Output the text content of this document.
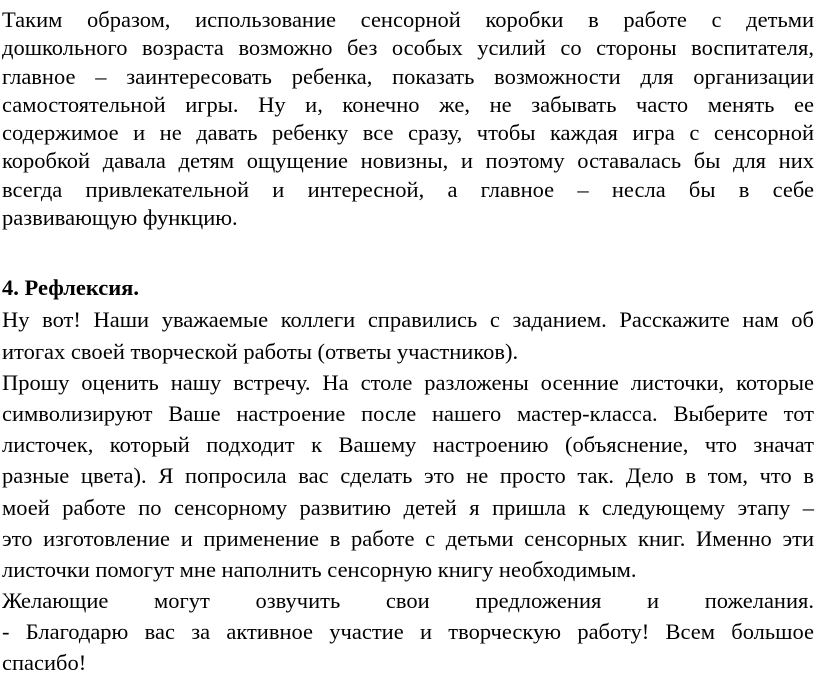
Таким образом, использование сенсорной коробки в работе с детьми
дошкольного возраста возможно без особых усилий со стороны воспитателя,
главное – заинтересовать ребенка, показать возможности для организации
самостоятельной игры. Ну и, конечно же, не забывать часто менять ее
содержимое и не давать ребенку все сразу, чтобы каждая игра с сенсорной
коробкой давала детям ощущение новизны, и поэтому оставалась бы для них
всегда привлекательной и интересной, а главное – несла бы в себе
развивающую функцию.
4. Рефлексия.
Ну вот! Наши уважаемые коллеги справились с заданием. Расскажите нам об
итогах своей творческой работы (ответы участников).
Прошу оценить нашу встречу. На столе разложены осенние листочки, которые
символизируют Ваше настроение после нашего мастер-класса. Выберите тот
листочек, который подходит к Вашему настроению (объяснение, что значат
разные цвета). Я попросила вас сделать это не просто так. Дело в том, что в
моей работе по сенсорному развитию детей я пришла к следующему этапу –
это изготовление и применение в работе с детьми сенсорных книг. Именно эти
листочки помогут мне наполнить сенсорную книгу необходимым.
Желающие могут озвучить свои предложения и пожелания.
- Благодарю вас за активное участие и творческую работу! Всем большое
спасибо!
